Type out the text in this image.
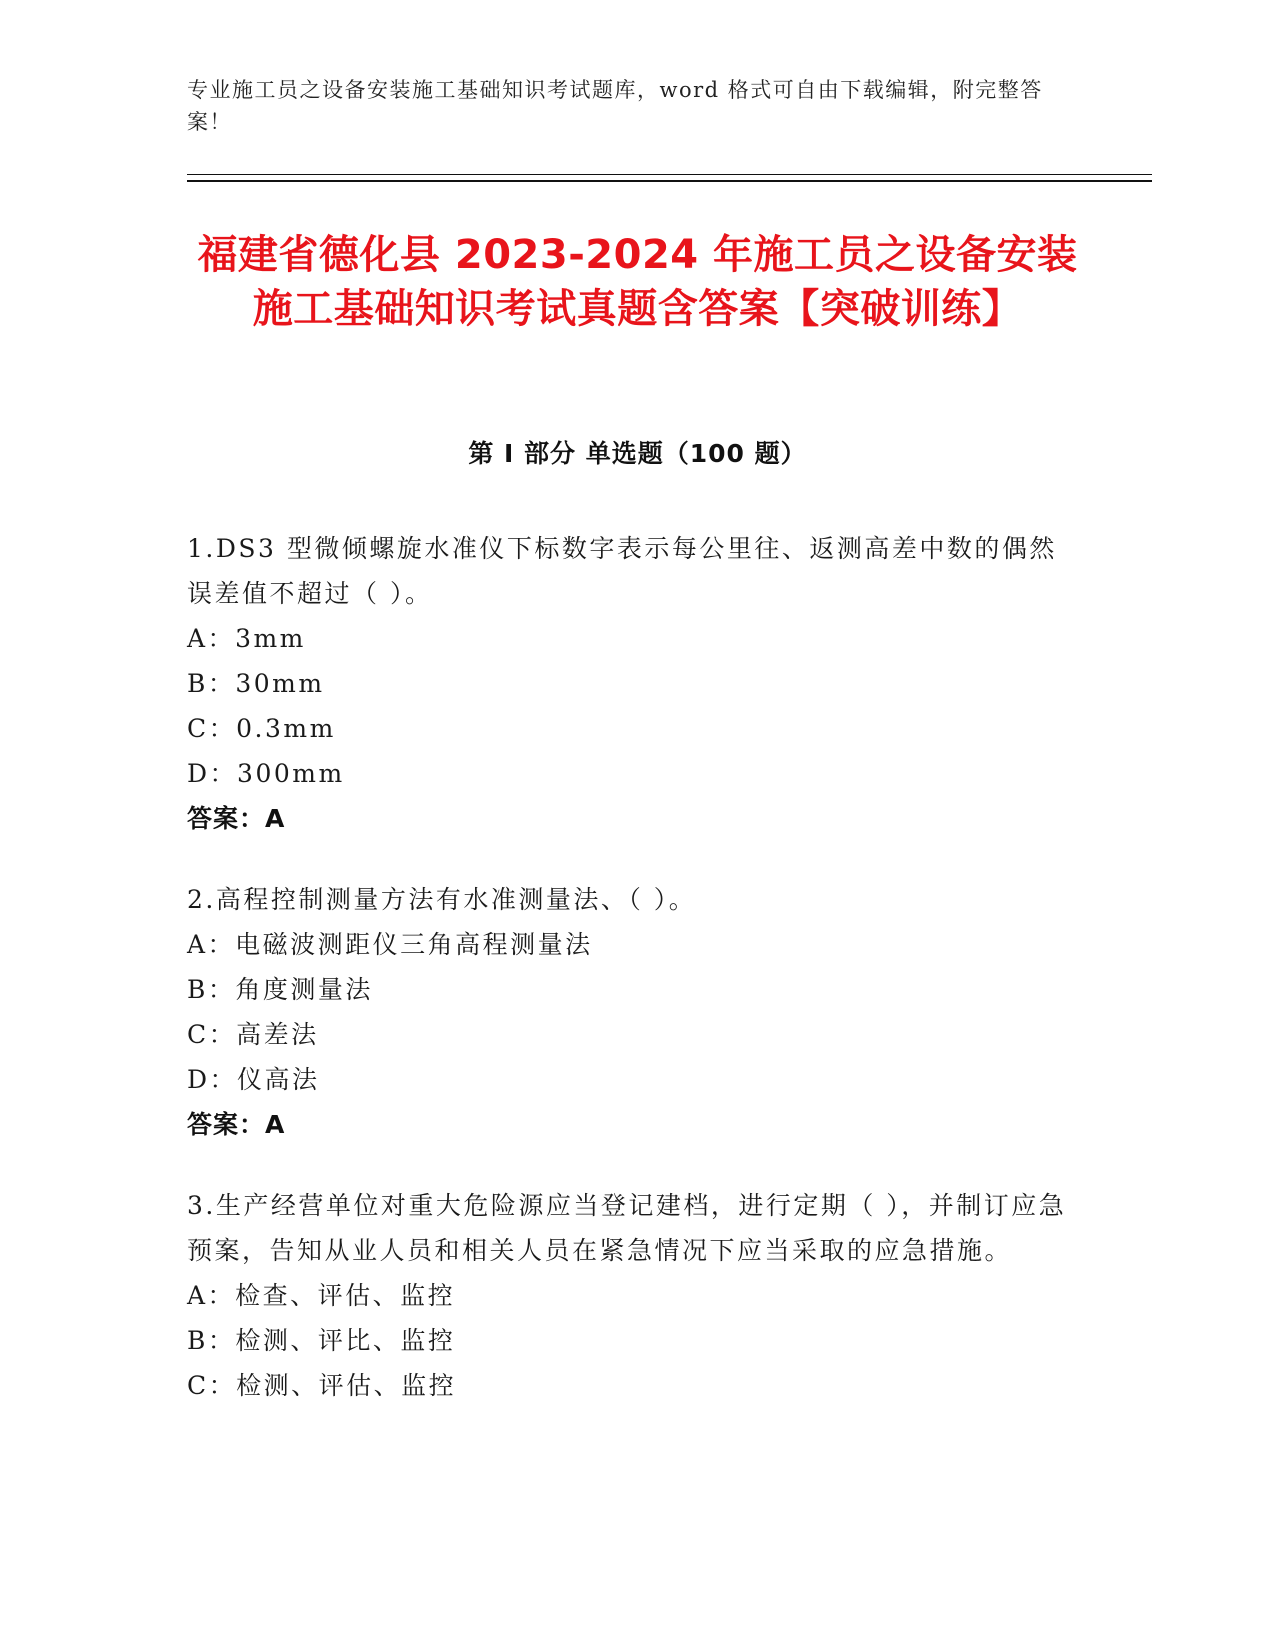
专业施工员之设备安装施工基础知识考试题库，word 格式可自由下载编辑，附完整答案！
福建省德化县 2023-2024 年施工员之设备安装施工基础知识考试真题含答案【突破训练】
第 I 部分 单选题（100 题）
1.DS3 型微倾螺旋水准仪下标数字表示每公里往、返测高差中数的偶然误差值不超过（ ）。
A：3mm
B：30mm
C：0.3mm
D：300mm
答案：A
2.高程控制测量方法有水准测量法、（ ）。
A：电磁波测距仪三角高程测量法
B：角度测量法
C：高差法
D：仪高法
答案：A
3.生产经营单位对重大危险源应当登记建档，进行定期（ ），并制订应急预案，告知从业人员和相关人员在紧急情况下应当采取的应急措施。
A：检查、评估、监控
B：检测、评比、监控
C：检测、评估、监控
